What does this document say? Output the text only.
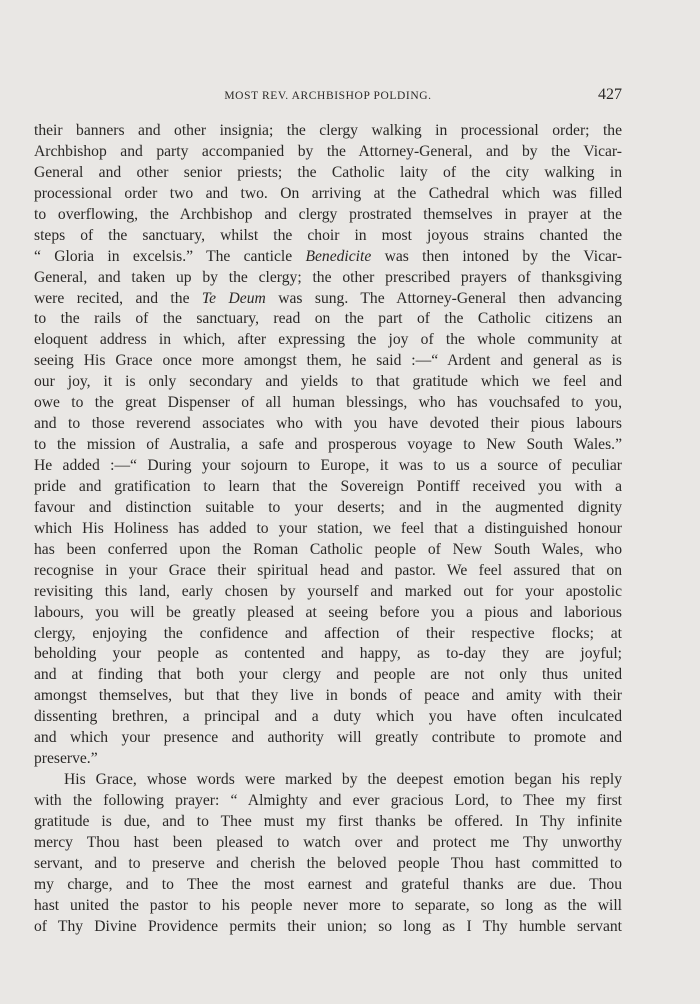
MOST REV. ARCHBISHOP POLDING.	427
their banners and other insignia; the clergy walking in processional order; the
Archbishop and party accompanied by the Attorney-General, and by the Vicar-
General and other senior priests; the Catholic laity of the city walking in
processional order two and two. On arriving at the Cathedral which was filled
to overflowing, the Archbishop and clergy prostrated themselves in prayer at the
steps of the sanctuary, whilst the choir in most joyous strains chanted the
“ Gloria in excelsis.” The canticle Benedicite was then intoned by the Vicar-
General, and taken up by the clergy; the other prescribed prayers of thanksgiving
were recited, and the Te Deum was sung. The Attorney-General then advancing
to the rails of the sanctuary, read on the part of the Catholic citizens an
eloquent address in which, after expressing the joy of the whole community at
seeing His Grace once more amongst them, he said :—“ Ardent and general as is
our joy, it is only secondary and yields to that gratitude which we feel and
owe to the great Dispenser of all human blessings, who has vouchsafed to you,
and to those reverend associates who with you have devoted their pious labours
to the mission of Australia, a safe and prosperous voyage to New South Wales.”
He added :—“ During your sojourn to Europe, it was to us a source of peculiar
pride and gratification to learn that the Sovereign Pontiff received you with a
favour and distinction suitable to your deserts; and in the augmented dignity
which His Holiness has added to your station, we feel that a distinguished honour
has been conferred upon the Roman Catholic people of New South Wales, who
recognise in your Grace their spiritual head and pastor. We feel assured that on
revisiting this land, early chosen by yourself and marked out for your apostolic
labours, you will be greatly pleased at seeing before you a pious and laborious
clergy, enjoying the confidence and affection of their respective flocks; at
beholding your people as contented and happy, as to-day they are joyful;
and at finding that both your clergy and people are not only thus united
amongst themselves, but that they live in bonds of peace and amity with their
dissenting brethren, a principal and a duty which you have often inculcated
and which your presence and authority will greatly contribute to promote and
preserve.”
His Grace, whose words were marked by the deepest emotion began his reply
with the following prayer: “ Almighty and ever gracious Lord, to Thee my first
gratitude is due, and to Thee must my first thanks be offered. In Thy infinite
mercy Thou hast been pleased to watch over and protect me Thy unworthy
servant, and to preserve and cherish the beloved people Thou hast committed to
my charge, and to Thee the most earnest and grateful thanks are due. Thou
hast united the pastor to his people never more to separate, so long as the will
of Thy Divine Providence permits their union; so long as I Thy humble servant
